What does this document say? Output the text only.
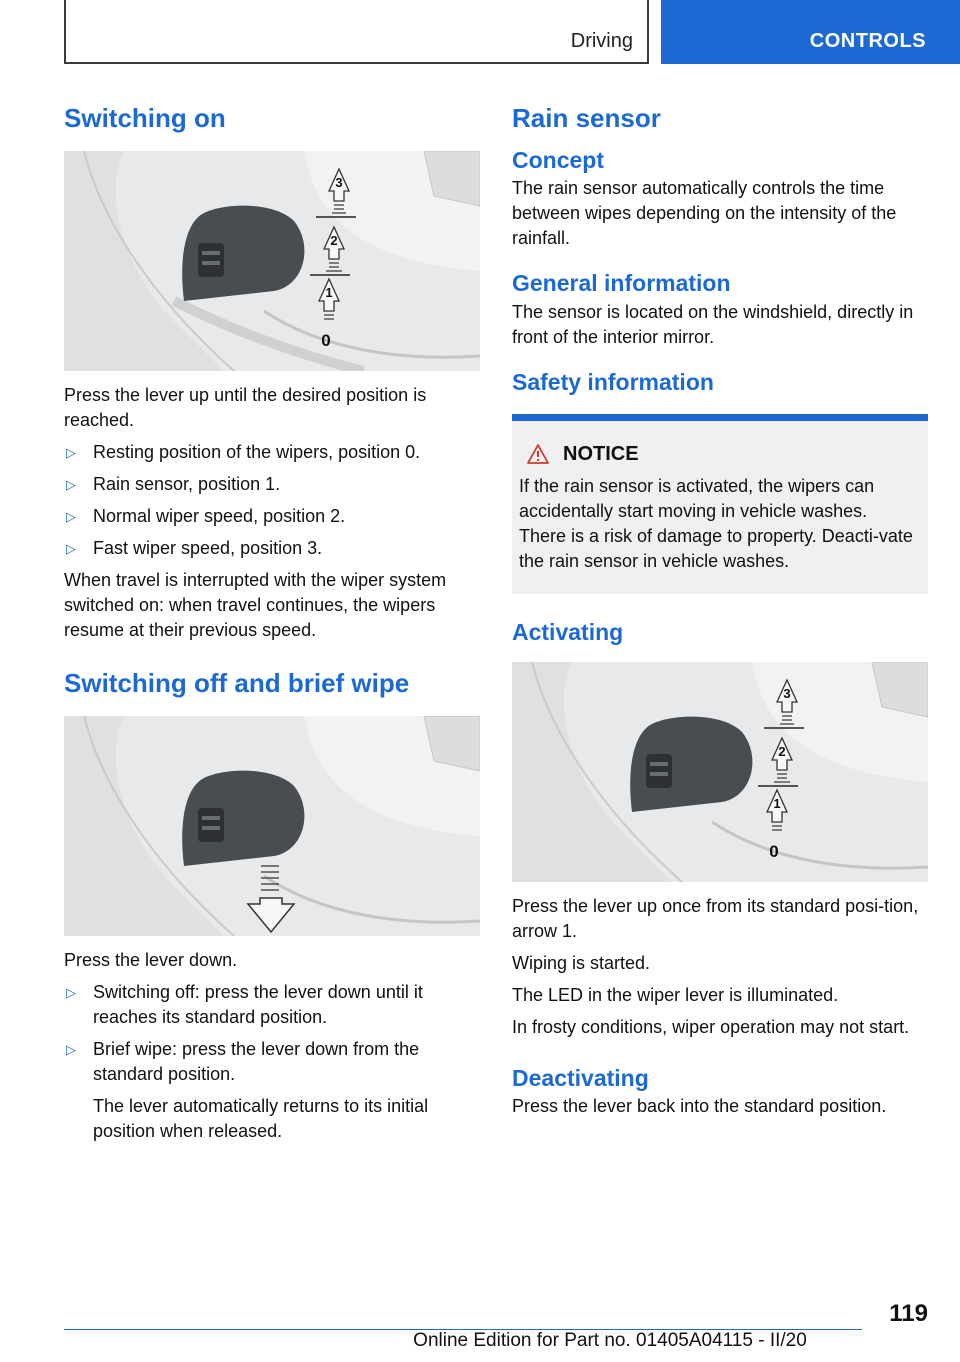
Driving	CONTROLS
Switching on
3
2
1
0

Press the lever up until the desired position is reached.

▷ Resting position of the wipers, position 0.
▷ Rain sensor, position 1.
▷ Normal wiper speed, position 2.
▷ Fast wiper speed, position 3.

When travel is interrupted with the wiper system switched on: when travel continues, the wipers resume at their previous speed.

Switching off and brief wipe

Press the lever down.

▷ Switching off: press the lever down until it reaches its standard position.
▷ Brief wipe: press the lever down from the standard position.

The lever automatically returns to its initial position when released.

Rain sensor
Concept

The rain sensor automatically controls the time between wipes depending on the intensity of the rainfall.

General information

The sensor is located on the windshield, directly in front of the interior mirror.

Safety information
NOTICE

If the rain sensor is activated, the wipers can accidentally start moving in vehicle washes. There is a risk of damage to property. Deacti-vate the rain sensor in vehicle washes.

Activating
3
2
1
0

Press the lever up once from its standard posi-tion, arrow 1.

Wiping is started.

The LED in the wiper lever is illuminated.

In frosty conditions, wiper operation may not start.

Deactivating

Press the lever back into the standard position.

119
Online Edition for Part no. 01405A04115 - II/20
